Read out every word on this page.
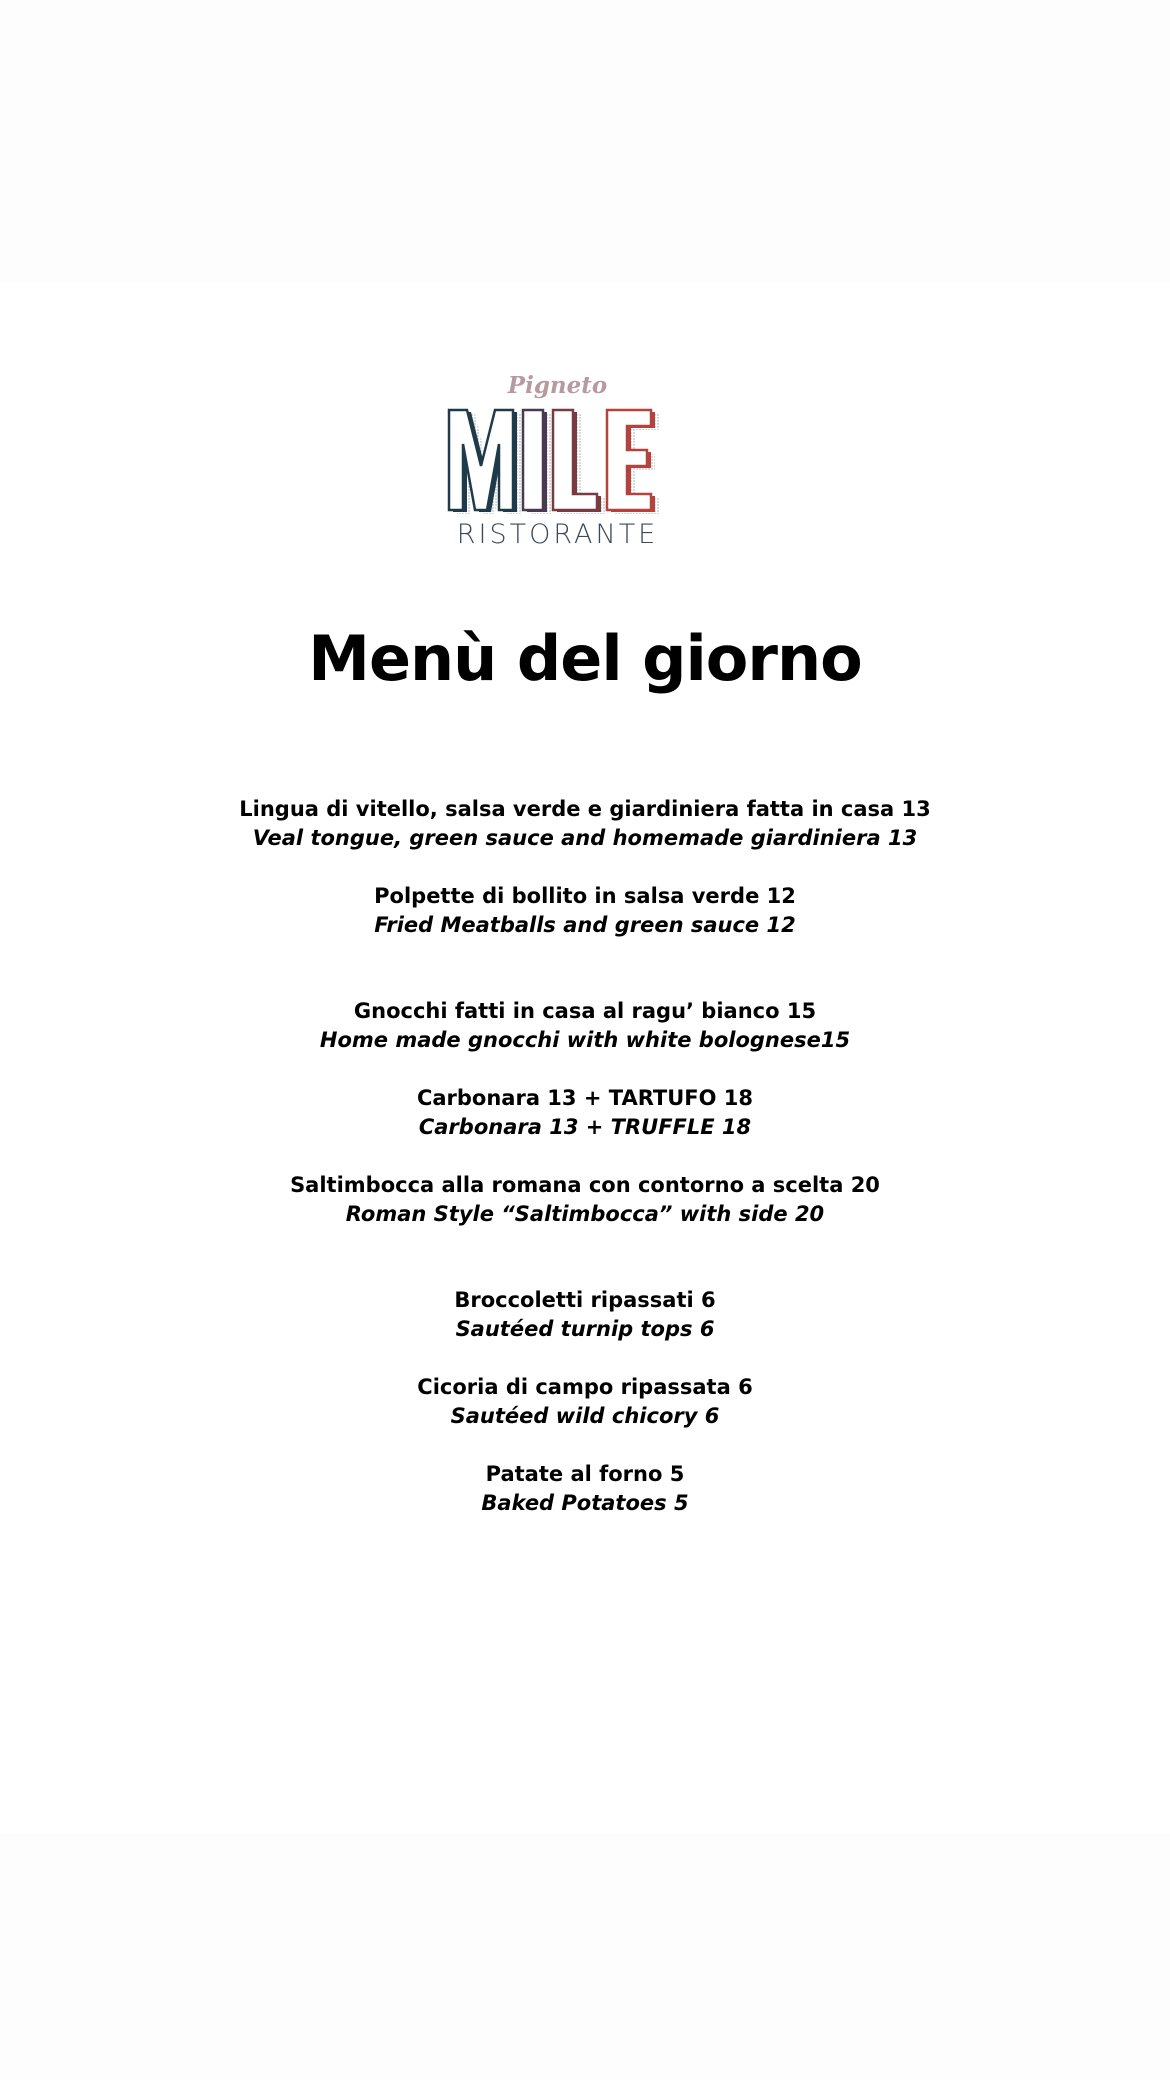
Pigneto
RISTORANTE
Menù del giorno
Lingua di vitello, salsa verde e giardiniera fatta in casa 13
Veal tongue, green sauce and homemade giardiniera 13
Polpette di bollito in salsa verde 12
Fried Meatballs and green sauce 12
Gnocchi fatti in casa al ragu’ bianco 15
Home made gnocchi with white bolognese15
Carbonara 13 + TARTUFO 18
Carbonara 13 + TRUFFLE 18
Saltimbocca alla romana con contorno a scelta 20
Roman Style “Saltimbocca” with side 20
Broccoletti ripassati 6
Sautéed turnip tops 6
Cicoria di campo ripassata 6
Sautéed wild chicory 6
Patate al forno 5
Baked Potatoes 5
